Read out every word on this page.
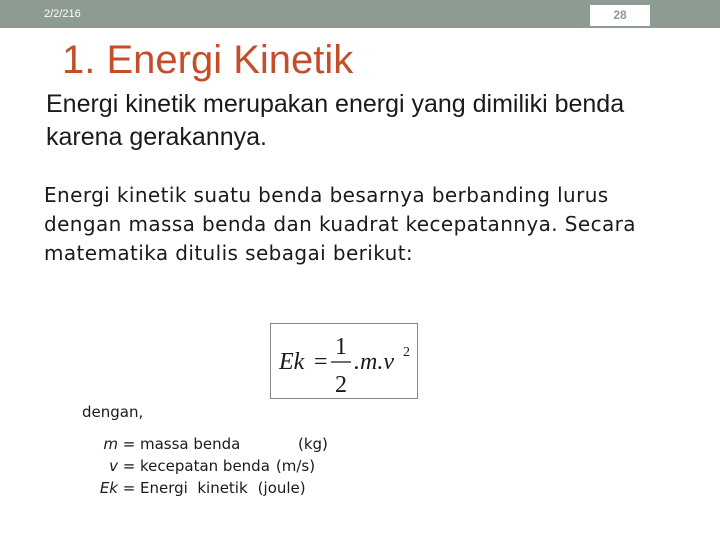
2/2/216	28
1. Energi Kinetik
Energi kinetik merupakan energi yang dimiliki benda karena gerakannya.
Energi kinetik suatu benda besarnya berbanding lurus dengan massa benda dan kuadrat kecepatannya. Secara matematika ditulis sebagai berikut:
Ek =
1
2
.m.v 2
dengan,
m = massa benda	(kg)
v = kecepatan benda (m/s)
Ek = Energi  kinetik (joule)
